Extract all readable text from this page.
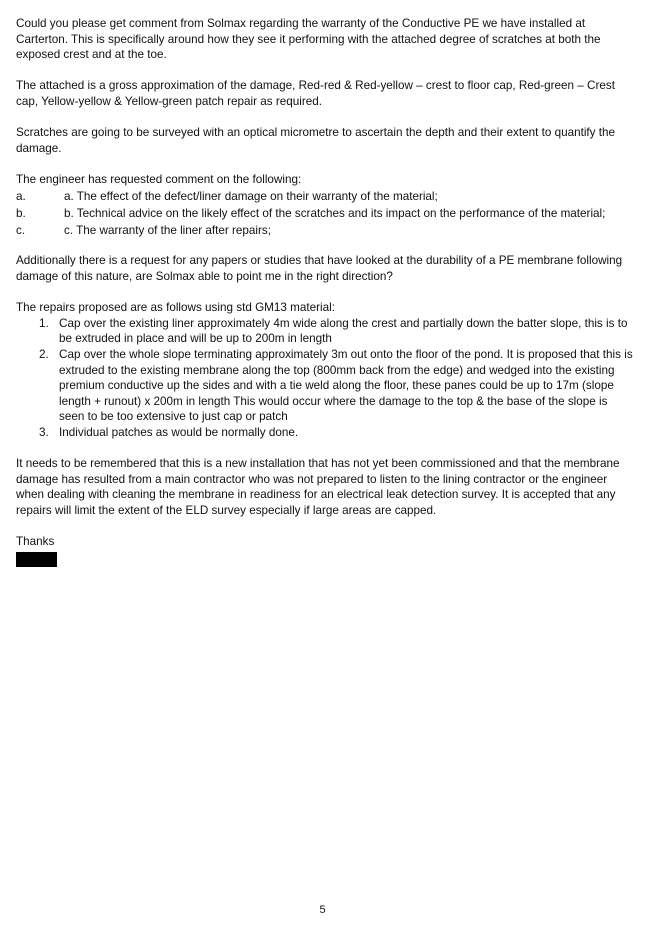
Could you please get comment from Solmax regarding the warranty of the Conductive PE we have installed at Carterton. This is specifically around how they see it performing with the attached degree of scratches at both the exposed crest and at the toe.

The attached is a gross approximation of the damage, Red-red & Red-yellow – crest to floor cap, Red-green – Crest cap, Yellow-yellow & Yellow-green patch repair as required.

Scratches are going to be surveyed with an optical micrometre to ascertain the depth and their extent to quantify the damage.

The engineer has requested comment on the following:

a.	a. The effect of the defect/liner damage on their warranty of the material;
b.	b. Technical advice on the likely effect of the scratches and its impact on the performance of the material;
c.	c. The warranty of the liner after repairs;

Additionally there is a request for any papers or studies that have looked at the durability of a PE membrane following damage of this nature, are Solmax able to point me in the right direction?

The repairs proposed are as follows using std GM13 material:

1. Cap over the existing liner approximately 4m wide along the crest and partially down the batter slope, this is to be extruded in place and will be up to 200m in length
2. Cap over the whole slope terminating approximately 3m out onto the floor of the pond. It is proposed that this is extruded to the existing membrane along the top (800mm back from the edge) and wedged into the existing premium conductive up the sides and with a tie weld along the floor, these panes could be up to 17m (slope length + runout) x 200m in length This would occur where the damage to the top & the base of the slope is seen to be too extensive to just cap or patch
3. Individual patches as would be normally done.

It needs to be remembered that this is a new installation that has not yet been commissioned and that the membrane damage has resulted from a main contractor who was not prepared to listen to the lining contractor or the engineer when dealing with cleaning the membrane in readiness for an electrical leak detection survey. It is accepted that any repairs will limit the extent of the ELD survey especially if large areas are capped.

Thanks

5
